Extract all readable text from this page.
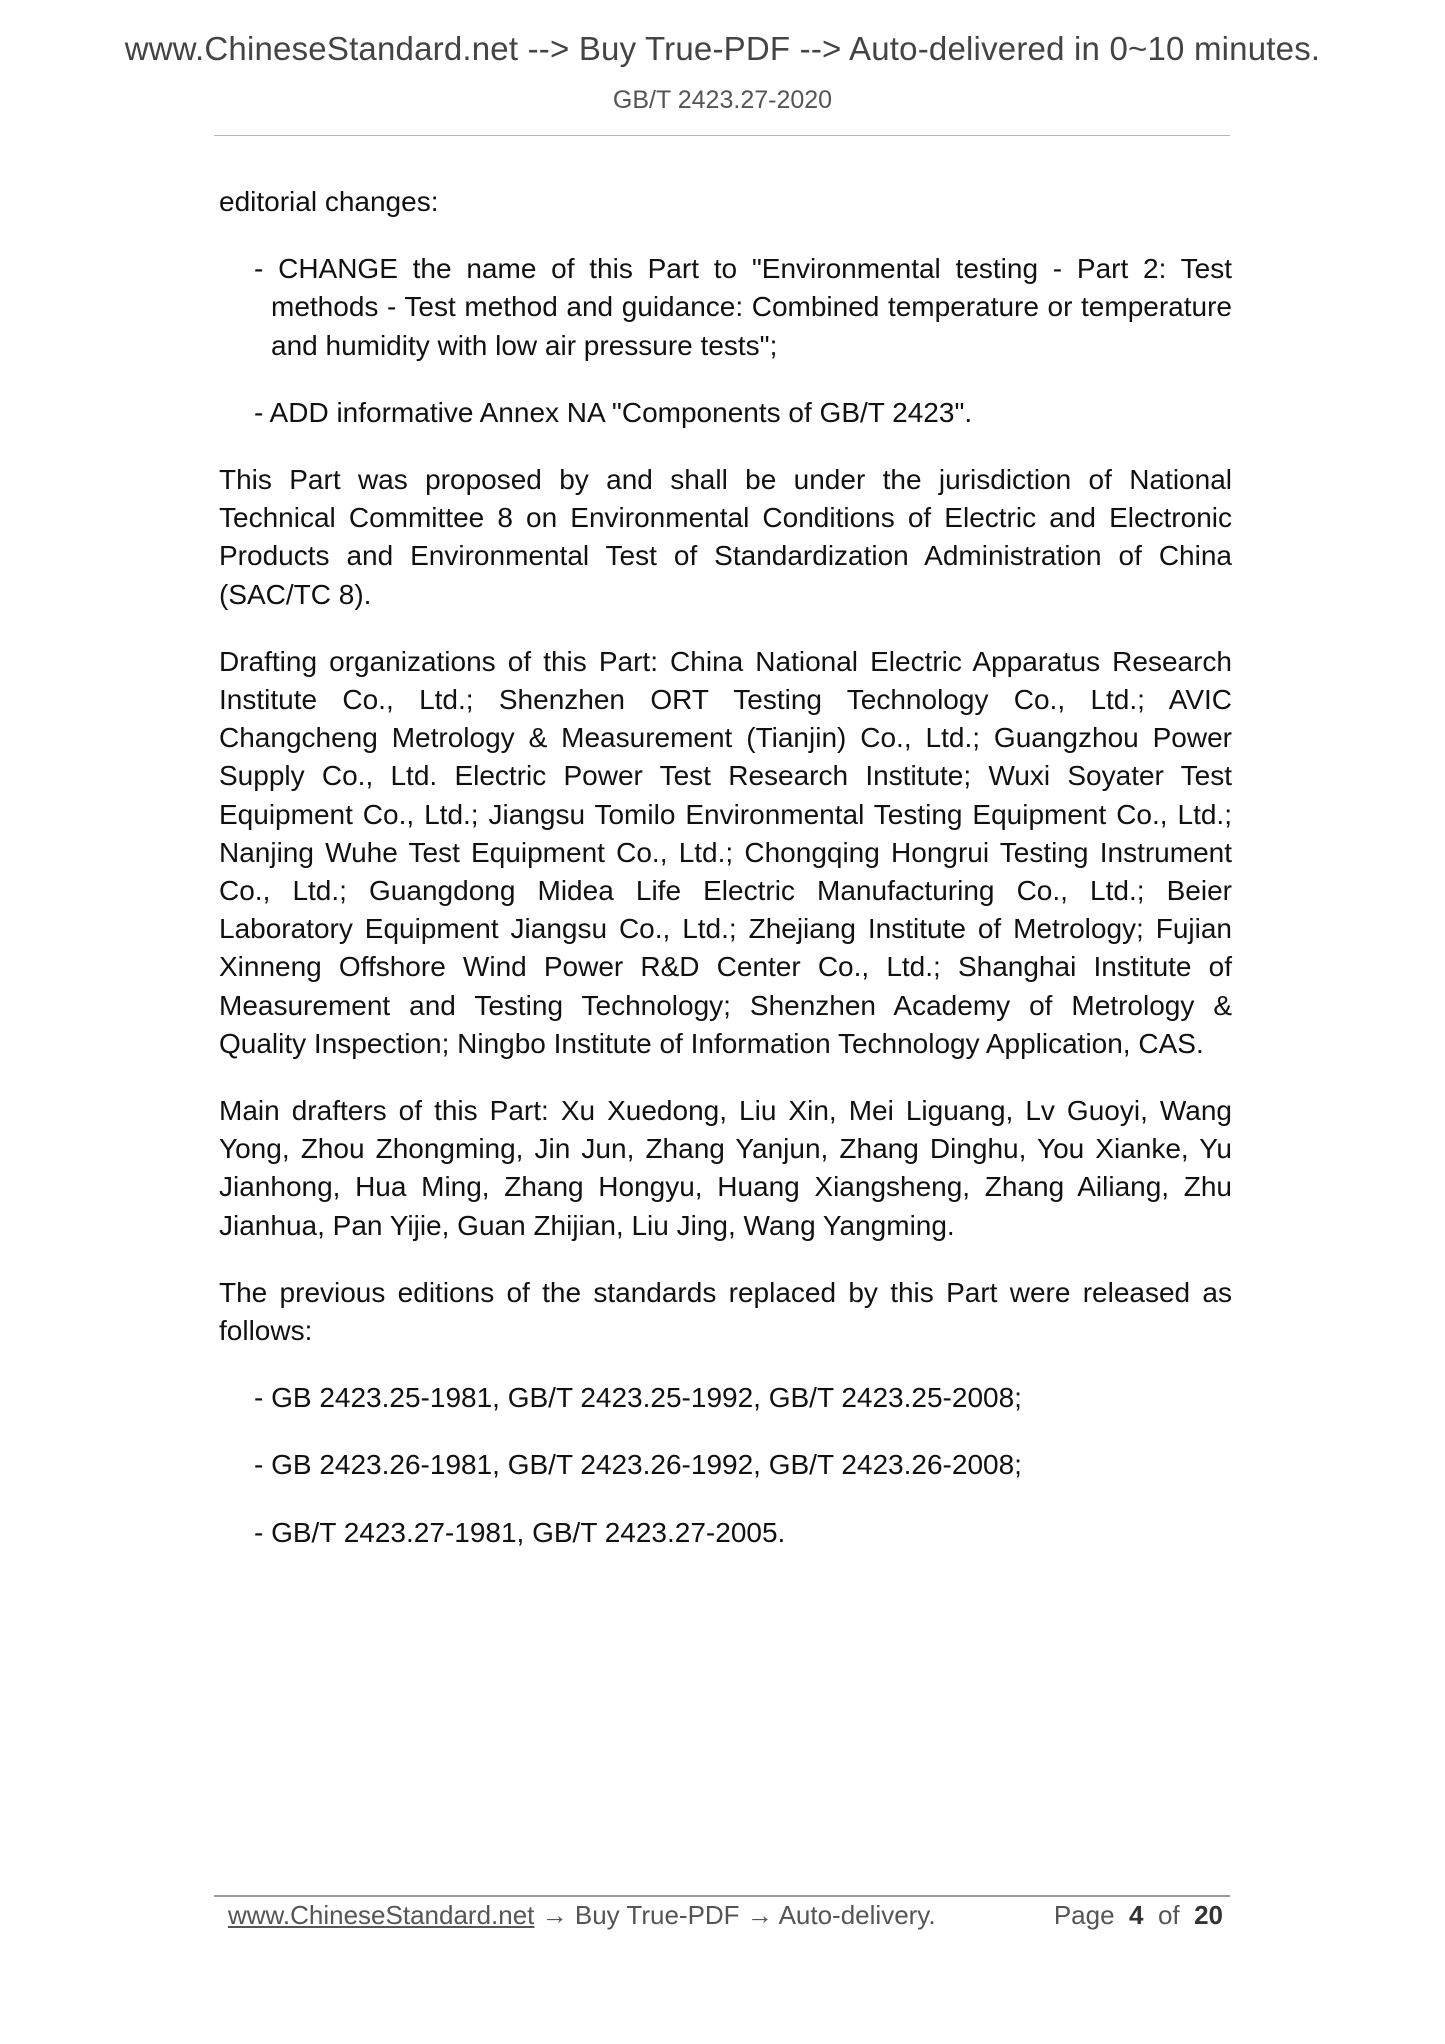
www.ChineseStandard.net --> Buy True-PDF --> Auto-delivered in 0~10 minutes.
GB/T 2423.27-2020

editorial changes:

- CHANGE the name of this Part to "Environmental testing - Part 2: Test methods - Test method and guidance: Combined temperature or temperature and humidity with low air pressure tests";

- ADD informative Annex NA "Components of GB/T 2423".

This Part was proposed by and shall be under the jurisdiction of National Technical Committee 8 on Environmental Conditions of Electric and Electronic Products and Environmental Test of Standardization Administration of China (SAC/TC 8).

Drafting organizations of this Part: China National Electric Apparatus Research Institute Co., Ltd.; Shenzhen ORT Testing Technology Co., Ltd.; AVIC Changcheng Metrology & Measurement (Tianjin) Co., Ltd.; Guangzhou Power Supply Co., Ltd. Electric Power Test Research Institute; Wuxi Soyater Test Equipment Co., Ltd.; Jiangsu Tomilo Environmental Testing Equipment Co., Ltd.; Nanjing Wuhe Test Equipment Co., Ltd.; Chongqing Hongrui Testing Instrument Co., Ltd.; Guangdong Midea Life Electric Manufacturing Co., Ltd.; Beier Laboratory Equipment Jiangsu Co., Ltd.; Zhejiang Institute of Metrology; Fujian Xinneng Offshore Wind Power R&D Center Co., Ltd.; Shanghai Institute of Measurement and Testing Technology; Shenzhen Academy of Metrology & Quality Inspection; Ningbo Institute of Information Technology Application, CAS.

Main drafters of this Part: Xu Xuedong, Liu Xin, Mei Liguang, Lv Guoyi, Wang Yong, Zhou Zhongming, Jin Jun, Zhang Yanjun, Zhang Dinghu, You Xianke, Yu Jianhong, Hua Ming, Zhang Hongyu, Huang Xiangsheng, Zhang Ailiang, Zhu Jianhua, Pan Yijie, Guan Zhijian, Liu Jing, Wang Yangming.

The previous editions of the standards replaced by this Part were released as follows:

- GB 2423.25-1981, GB/T 2423.25-1992, GB/T 2423.25-2008;

- GB 2423.26-1981, GB/T 2423.26-1992, GB/T 2423.26-2008;

- GB/T 2423.27-1981, GB/T 2423.27-2005.

www.ChineseStandard.net → Buy True-PDF → Auto-delivery.	Page 4 of 20
